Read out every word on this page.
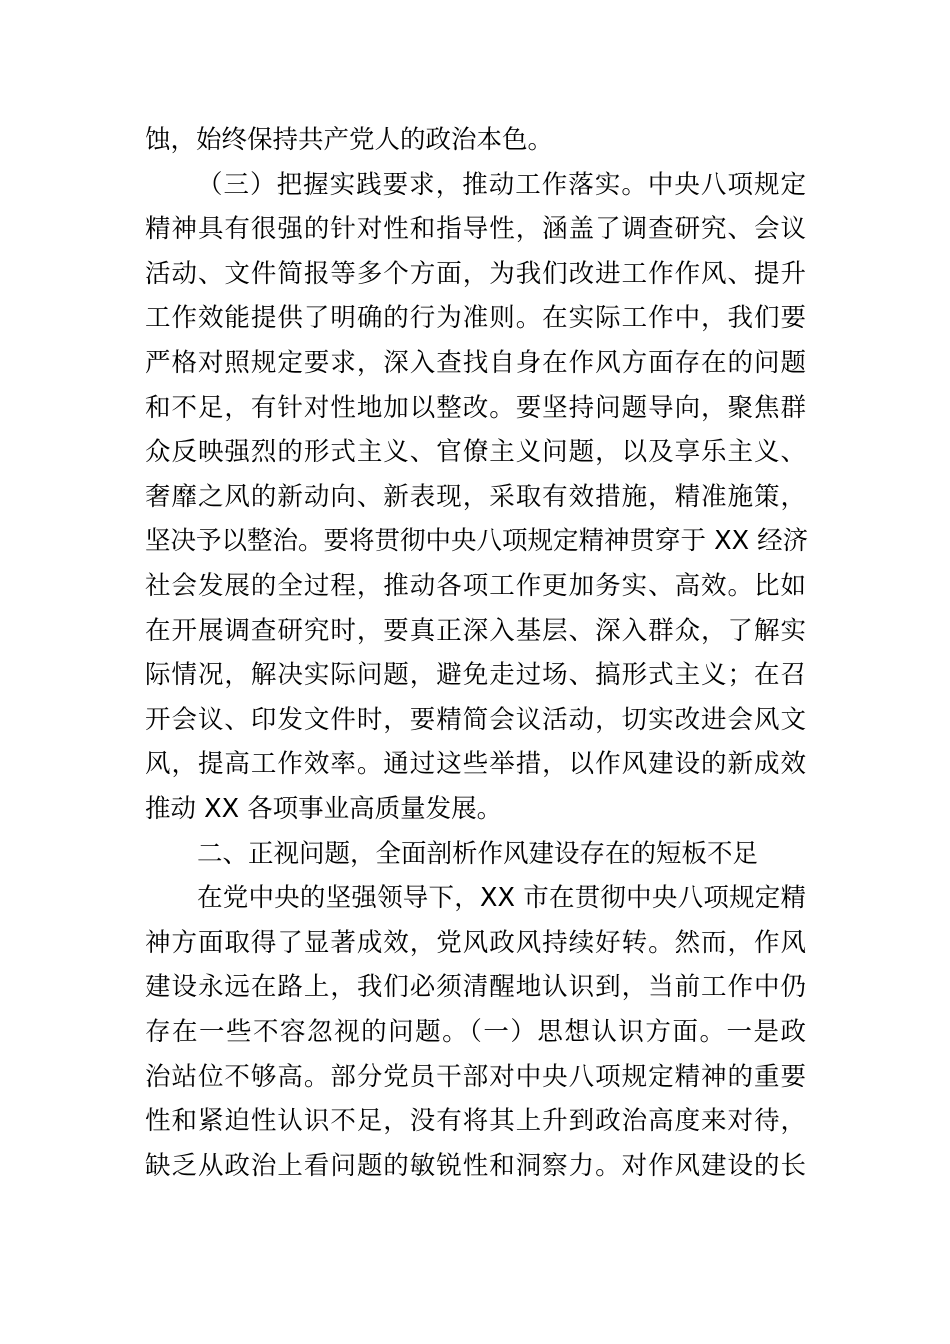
蚀，始终保持共产党人的政治本色。
（三）把握实践要求，推动工作落实。中央八项规定
精神具有很强的针对性和指导性，涵盖了调查研究、会议
活动、文件简报等多个方面，为我们改进工作作风、提升
工作效能提供了明确的行为准则。在实际工作中，我们要
严格对照规定要求，深入查找自身在作风方面存在的问题
和不足，有针对性地加以整改。要坚持问题导向，聚焦群
众反映强烈的形式主义、官僚主义问题，以及享乐主义、
奢靡之风的新动向、新表现，采取有效措施，精准施策，
坚决予以整治。要将贯彻中央八项规定精神贯穿于 XX 经济
社会发展的全过程，推动各项工作更加务实、高效。比如
在开展调查研究时，要真正深入基层、深入群众，了解实
际情况，解决实际问题，避免走过场、搞形式主义；在召
开会议、印发文件时，要精简会议活动，切实改进会风文
风，提高工作效率。通过这些举措，以作风建设的新成效
推动 XX 各项事业高质量发展。
二、正视问题，全面剖析作风建设存在的短板不足
在党中央的坚强领导下，XX 市在贯彻中央八项规定精
神方面取得了显著成效，党风政风持续好转。然而，作风
建设永远在路上，我们必须清醒地认识到，当前工作中仍
存在一些不容忽视的问题。（一）思想认识方面。一是政
治站位不够高。部分党员干部对中央八项规定精神的重要
性和紧迫性认识不足，没有将其上升到政治高度来对待，
缺乏从政治上看问题的敏锐性和洞察力。对作风建设的长
